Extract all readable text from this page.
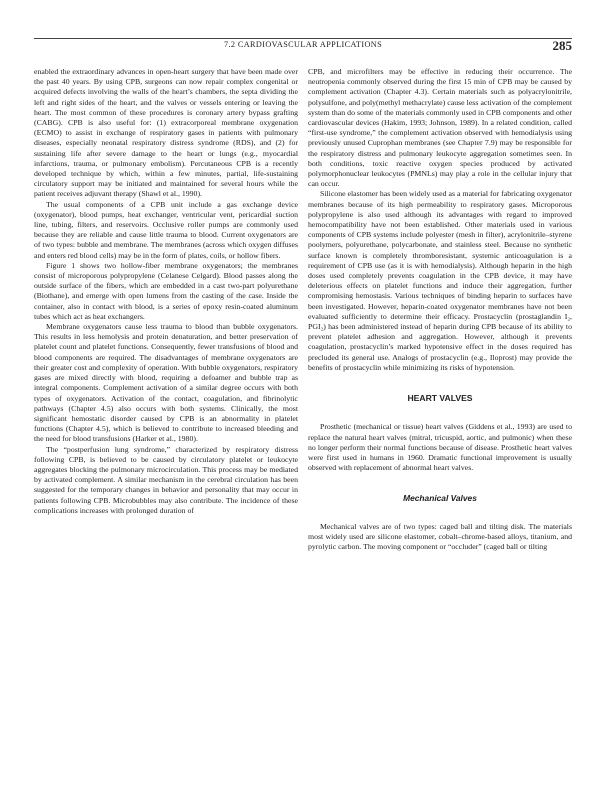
7.2 CARDIOVASCULAR APPLICATIONS	285

enabled the extraordinary advances in open-heart surgery that have been made over the past 40 years. By using CPB, surgeons can now repair complex congenital or acquired defects involving the walls of the heart’s chambers, the septa dividing the left and right sides of the heart, and the valves or vessels entering or leaving the heart. The most common of these procedures is coronary artery bypass grafting (CABG). CPB is also useful for: (1) extracorporeal membrane oxygenation (ECMO) to assist in exchange of respiratory gases in patients with pulmonary diseases, especially neonatal respiratory distress syndrome (RDS), and (2) for sustaining life after severe damage to the heart or lungs (e.g., myocardial infarctions, trauma, or pulmonary embolism). Percutaneous CPB is a recently developed technique by which, within a few minutes, partial, life-sustaining circulatory support may be initiated and maintained for several hours while the patient receives adjuvant therapy (Shawl et al., 1990).

The usual components of a CPB unit include a gas exchange device (oxygenator), blood pumps, heat exchanger, ventricular vent, pericardial suction line, tubing, filters, and reservoirs. Occlusive roller pumps are commonly used because they are reliable and cause little trauma to blood. Current oxygenators are of two types: bubble and membrane. The membranes (across which oxygen diffuses and enters red blood cells) may be in the form of plates, coils, or hollow fibers.

Figure 1 shows two hollow-fiber membrane oxygenators; the membranes consist of microporous polypropylene (Celanese Celgard). Blood passes along the outside surface of the fibers, which are embedded in a cast two-part polyurethane (Biothane), and emerge with open lumens from the casting of the case. Inside the container, also in contact with blood, is a series of epoxy resin-coated aluminum tubes which act as heat exchangers.

Membrane oxygenators cause less trauma to blood than bubble oxygenators. This results in less hemolysis and protein denaturation, and better preservation of platelet count and platelet functions. Consequently, fewer transfusions of blood and blood components are required. The disadvantages of membrane oxygenators are their greater cost and complexity of operation. With bubble oxygenators, respiratory gases are mixed directly with blood, requiring a defoamer and bubble trap as integral components. Complement activation of a similar degree occurs with both types of oxygenators. Activation of the contact, coagulation, and fibrinolytic pathways (Chapter 4.5) also occurs with both systems. Clinically, the most significant hemostatic disorder caused by CPB is an abnormality in platelet functions (Chapter 4.5), which is believed to contribute to increased bleeding and the need for blood transfusions (Harker et al., 1980).

The “postperfusion lung syndrome,” characterized by respiratory distress following CPB, is believed to be caused by circulatory platelet or leukocyte aggregates blocking the pulmonary microcirculation. This process may be mediated by activated complement. A similar mechanism in the cerebral circulation has been suggested for the temporary changes in behavior and personality that may occur in patients following CPB. Microbubbles may also contribute. The incidence of these complications increases with prolonged duration of

CPB, and microfilters may be effective in reducing their occurrence. The neutropenia commonly observed during the first 15 min of CPB may be caused by complement activation (Chapter 4.3). Certain materials such as polyacrylonitrile, polysulfone, and poly(methyl methacrylate) cause less activation of the complement system than do some of the materials commonly used in CPB components and other cardiovascular devices (Hakim, 1993; Johnson, 1989). In a related condition, called “first-use syndrome,” the complement activation observed with hemodialysis using previously unused Cuprophan membranes (see Chapter 7.9) may be responsible for the respiratory distress and pulmonary leukocyte aggregation sometimes seen. In both conditions, toxic reactive oxygen species produced by activated polymorphonuclear leukocytes (PMNLs) may play a role in the cellular injury that can occur.

Silicone elastomer has been widely used as a material for fabricating oxygenator membranes because of its high permeability to respiratory gases. Microporous polypropylene is also used although its advantages with regard to improved hemocompatibility have not been established. Other materials used in various components of CPB systems include polyester (mesh in filter), acrylonitrile–styrene poolymers, polyurethane, polycarbonate, and stainless steel. Because no synthetic surface known is completely thromboresistant, systemic anticoagulation is a requirement of CPB use (as it is with hemodialysis). Although heparin in the high doses used completely prevents coagulation in the CPB device, it may have deleterious effects on platelet functions and induce their aggregation, further compromising hemostasis. Various techniques of binding heparin to surfaces have been investigated. However, heparin-coated oxygenator membranes have not been evaluated sufficiently to determine their efficacy. Prostacyclin (prostaglandin I₂, PGI₂) has been administered instead of heparin during CPB because of its ability to prevent platelet adhesion and aggregation. However, although it prevents coagulation, prostacyclin’s marked hypotensive effect in the doses required has precluded its general use. Analogs of prostacyclin (e.g., Iloprost) may provide the benefits of prostacyclin while minimizing its risks of hypotension.

HEART VALVES

Prosthetic (mechanical or tissue) heart valves (Giddens et al., 1993) are used to replace the natural heart valves (mitral, tricuspid, aortic, and pulmonic) when these no longer perform their normal functions because of disease. Prosthetic heart valves were first used in humans in 1960. Dramatic functional improvement is usually observed with replacement of abnormal heart valves.

Mechanical Valves

Mechanical valves are of two types: caged ball and tilting disk. The materials most widely used are silicone elastomer, cobalt–chrome-based alloys, titanium, and pyrolytic carbon. The moving component or “occluder” (caged ball or tilting
